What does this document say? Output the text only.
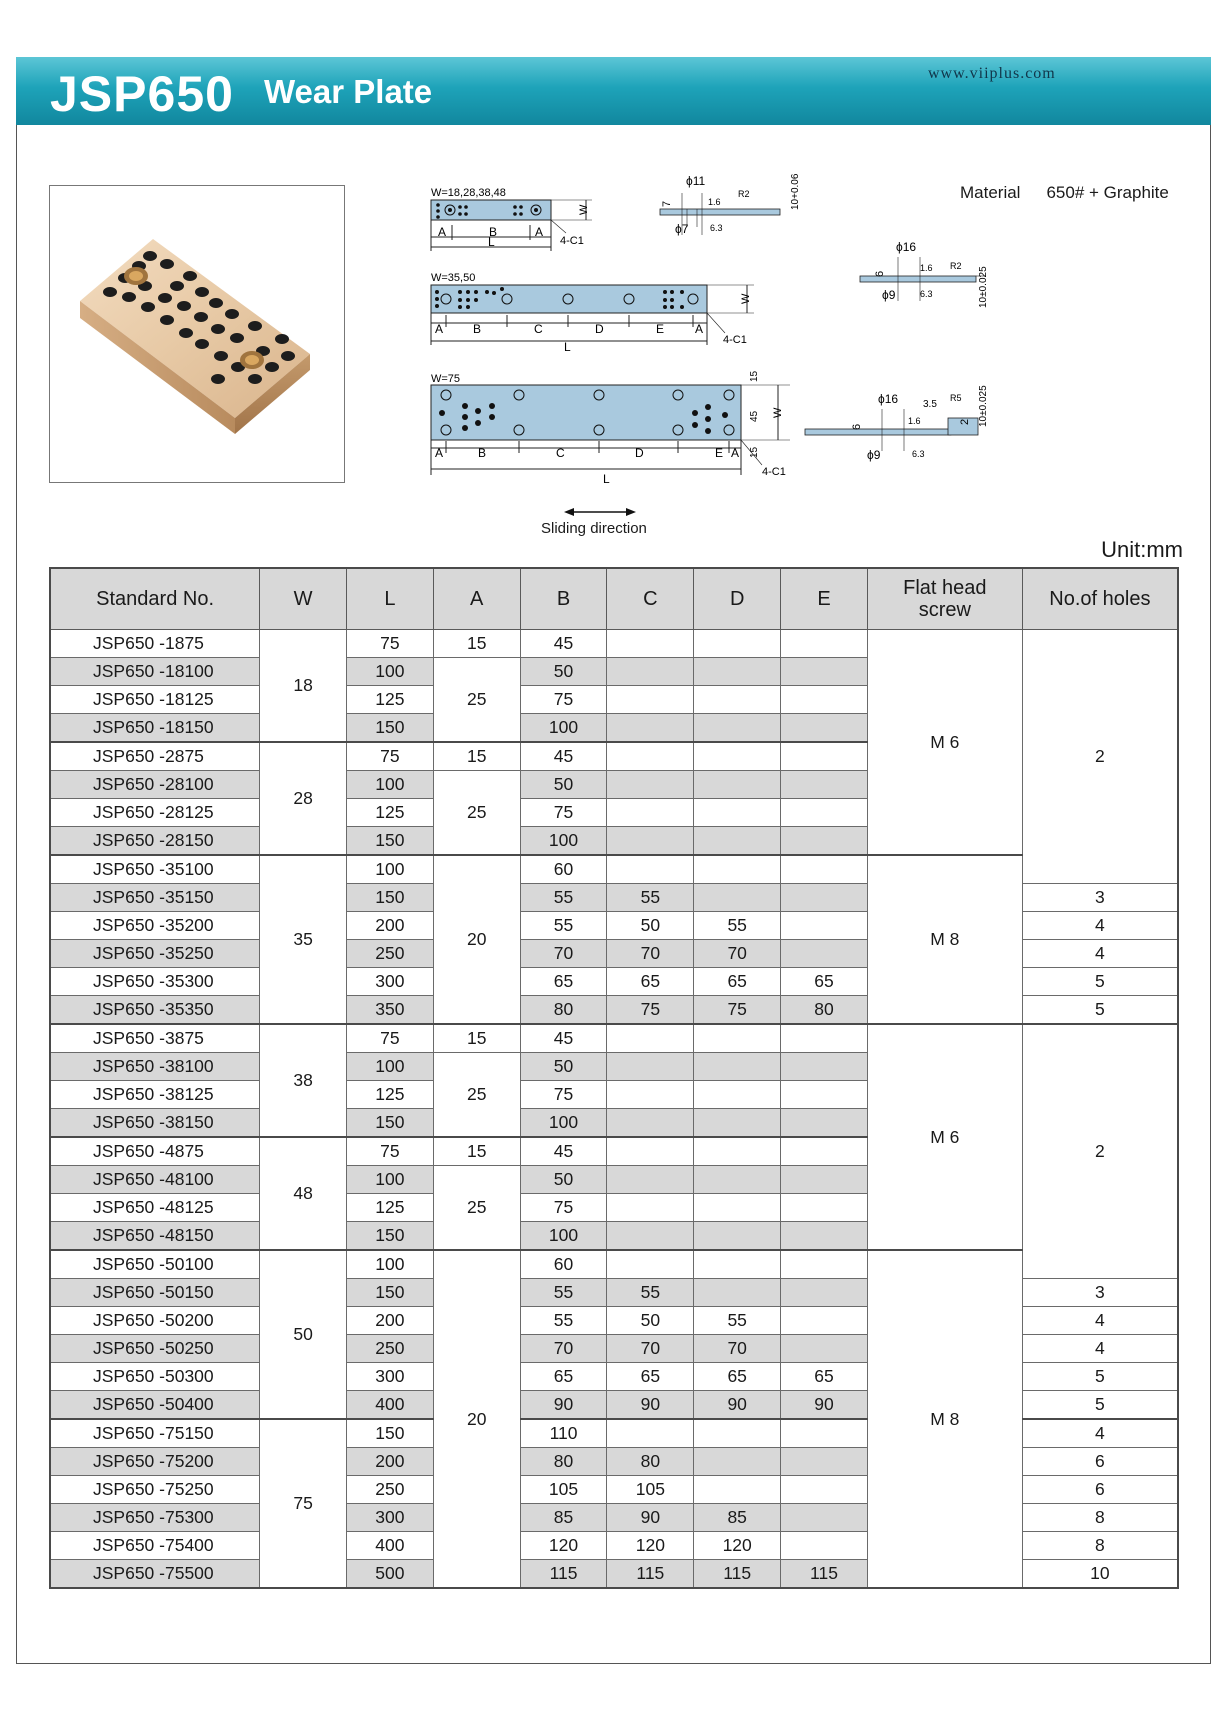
JSP650 Wear Plate	www.viiplus.com
W=18,28,38,48
A	B	A
L
W
4-C1
ϕ11
7	1.6
R2
ϕ7 6.3
10+0.06
W=35,50
A B	C	D	E	A
L
W
4-C1
ϕ16
6
1.6 R2
ϕ9	6.3	10±0.025
W=75
A	B	C	D	E A
L
W
15
45
15
4-C1
ϕ16
6
1.6
3.5
R5
2
ϕ9	6.3
10±0.025
Material 650# + Graphite
Sliding direction
Unit:mm
Standard No.	W	L	A	B	C	D	E	Flat head screw	No.of holes
JSP650 -1875	18	75	15	45				M 6	2
JSP650 -18100		100	25	50					
JSP650 -18125		125		75					
JSP650 -18150		150		100					
JSP650 -2875	28	75	15	45					
JSP650 -28100		100	25	50					
JSP650 -28125		125		75					
JSP650 -28150		150		100					
JSP650 -35100	35	100	20	60				M 8	
JSP650 -35150		150		55	55				3
JSP650 -35200		200		55	50	55			4
JSP650 -35250		250		70	70	70			4
JSP650 -35300		300		65	65	65	65		5
JSP650 -35350		350		80	75	75	80		5
JSP650 -3875	38	75	15	45				M 6	2
JSP650 -38100		100	25	50					
JSP650 -38125		125		75					
JSP650 -38150		150		100					
JSP650 -4875	48	75	15	45					
JSP650 -48100		100	25	50					
JSP650 -48125		125		75					
JSP650 -48150		150		100					
JSP650 -50100	50	100	20	60				M 8	
JSP650 -50150		150		55	55				3
JSP650 -50200		200		55	50	55			4
JSP650 -50250		250		70	70	70			4
JSP650 -50300		300		65	65	65	65		5
JSP650 -50400		400		90	90	90	90		5
JSP650 -75150	75	150		110					4
JSP650 -75200		200		80	80				6
JSP650 -75250		250		105	105				6
JSP650 -75300		300		85	90	85			8
JSP650 -75400		400		120	120	120			8
JSP650 -75500		500		115	115	115	115		10
